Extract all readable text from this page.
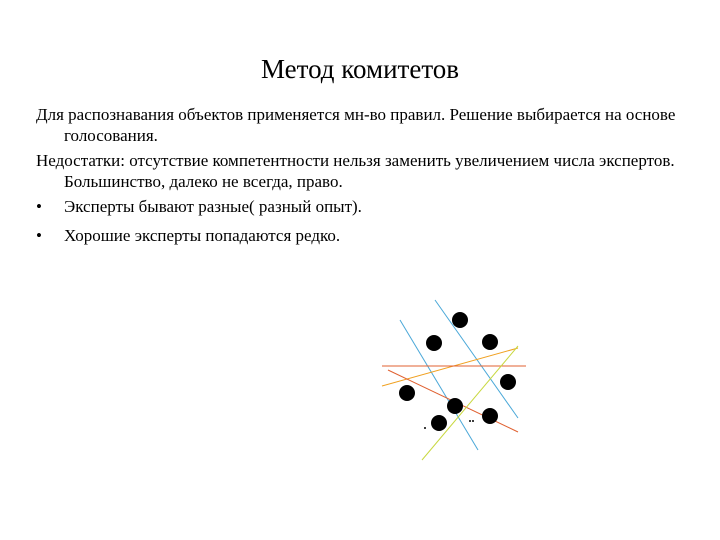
Метод комитетов

Для распознавания объектов применяется мн-во правил. Решение выбирается на основе голосования.

Недостатки: отсутствие компетентности нельзя заменить увеличением числа экспертов. Большинство, далеко не всегда, право.

•	Эксперты бывают разные( разный опыт).
•	Хорошие эксперты попадаются редко.
